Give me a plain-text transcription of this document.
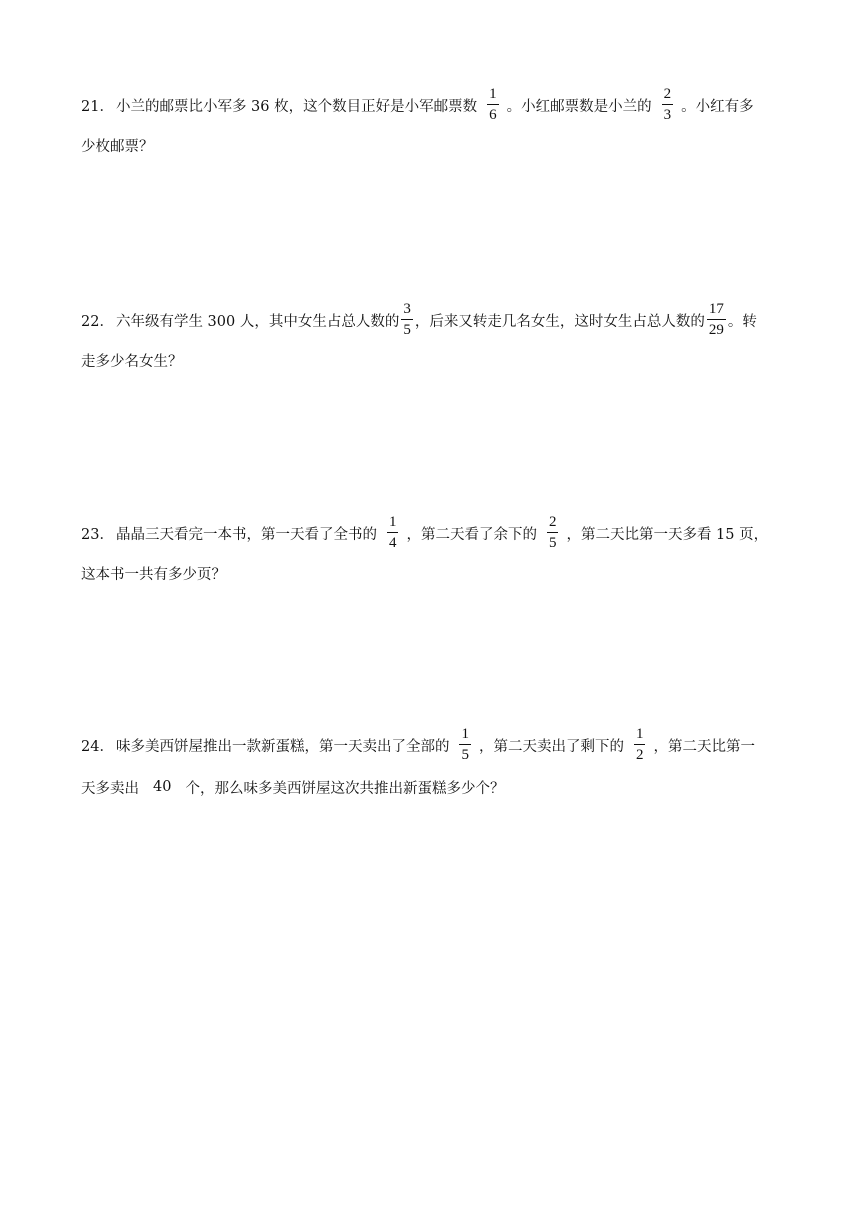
21． 小兰的邮票比小军多 36 枚，这个数目正好是小军邮票数 $\frac{1}{6}$ 。小红邮票数是小兰的 $\frac{2}{3}$ 。小红有多
少枚邮票？
22． 六年级有学生 300 人，其中女生占总人数的 $\frac{3}{5}$ ，后来又转走几名女生，这时女生占总人数的 $\frac{17}{29}$ 。转
走多少名女生？
23． 晶晶三天看完一本书，第一天看了全书的 $\frac{1}{4}$ ，第二天看了余下的 $\frac{2}{5}$ ，第二天比第一天多看 15 页，
这本书一共有多少页？
24． 味多美西饼屋推出一款新蛋糕，第一天卖出了全部的 $\frac{1}{5}$ ，第二天卖出了剩下的 $\frac{1}{2}$ ，第二天比第一
天多卖出 40 个，那么味多美西饼屋这次共推出新蛋糕多少个？
